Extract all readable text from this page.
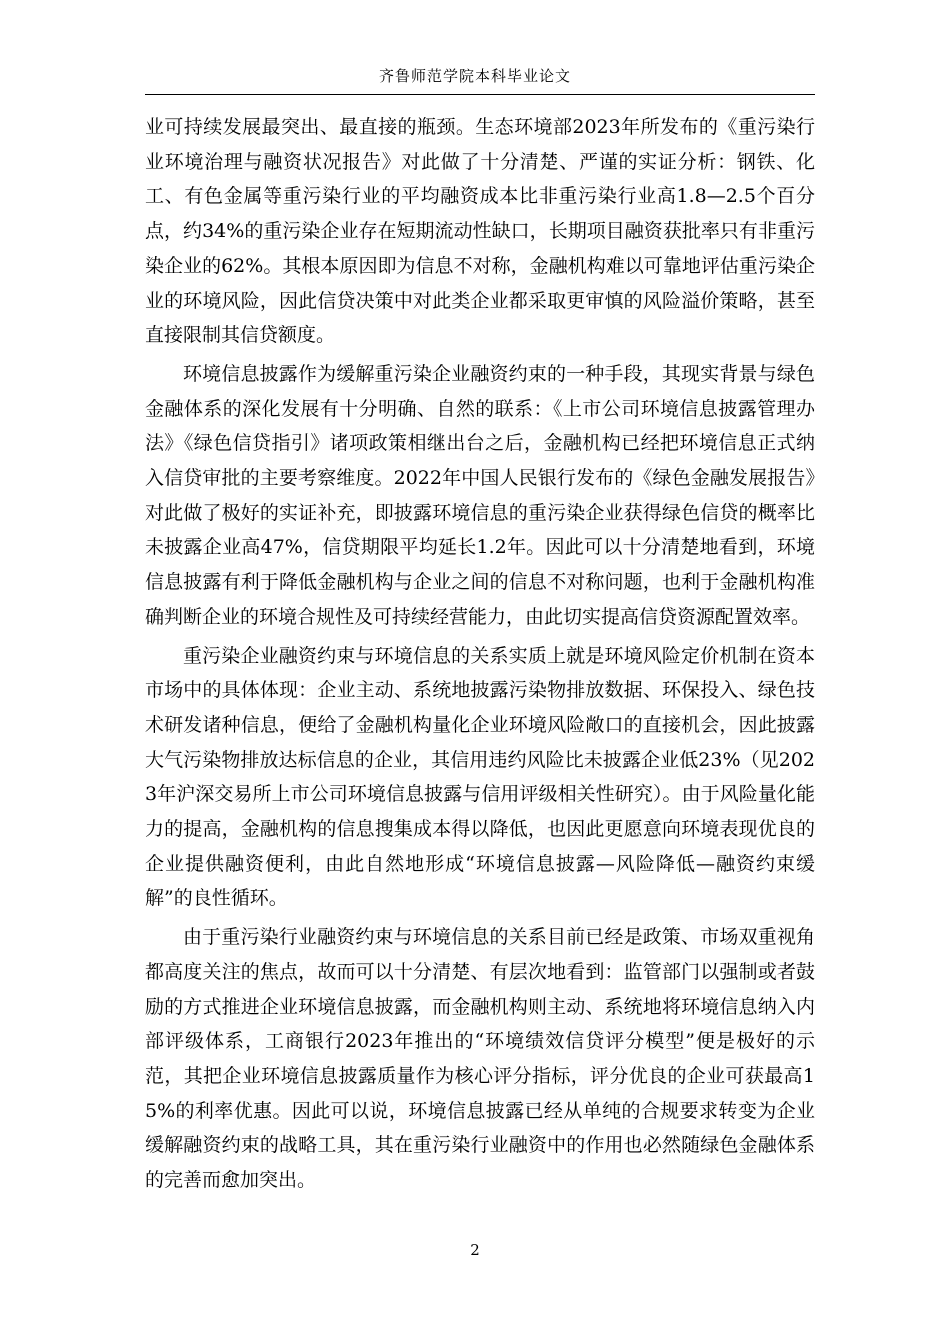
齐鲁师范学院本科毕业论文

业可持续发展最突出、最直接的瓶颈。生态环境部2023年所发布的《重污染行业环境治理与融资状况报告》对此做了十分清楚、严谨的实证分析：钢铁、化工、有色金属等重污染行业的平均融资成本比非重污染行业高1.8—2.5个百分点，约34%的重污染企业存在短期流动性缺口，长期项目融资获批率只有非重污染企业的62%。其根本原因即为信息不对称，金融机构难以可靠地评估重污染企业的环境风险，因此信贷决策中对此类企业都采取更审慎的风险溢价策略，甚至直接限制其信贷额度。

环境信息披露作为缓解重污染企业融资约束的一种手段，其现实背景与绿色金融体系的深化发展有十分明确、自然的联系：《上市公司环境信息披露管理办法》《绿色信贷指引》诸项政策相继出台之后，金融机构已经把环境信息正式纳入信贷审批的主要考察维度。2022年中国人民银行发布的《绿色金融发展报告》对此做了极好的实证补充，即披露环境信息的重污染企业获得绿色信贷的概率比未披露企业高47%，信贷期限平均延长1.2年。因此可以十分清楚地看到，环境信息披露有利于降低金融机构与企业之间的信息不对称问题，也利于金融机构准确判断企业的环境合规性及可持续经营能力，由此切实提高信贷资源配置效率。

重污染企业融资约束与环境信息的关系实质上就是环境风险定价机制在资本市场中的具体体现：企业主动、系统地披露污染物排放数据、环保投入、绿色技术研发诸种信息，便给了金融机构量化企业环境风险敞口的直接机会，因此披露大气污染物排放达标信息的企业，其信用违约风险比未披露企业低23%（见2023年沪深交易所上市公司环境信息披露与信用评级相关性研究）。由于风险量化能力的提高，金融机构的信息搜集成本得以降低，也因此更愿意向环境表现优良的企业提供融资便利，由此自然地形成“环境信息披露—风险降低—融资约束缓解”的良性循环。

由于重污染行业融资约束与环境信息的关系目前已经是政策、市场双重视角都高度关注的焦点，故而可以十分清楚、有层次地看到：监管部门以强制或者鼓励的方式推进企业环境信息披露，而金融机构则主动、系统地将环境信息纳入内部评级体系，工商银行2023年推出的“环境绩效信贷评分模型”便是极好的示范，其把企业环境信息披露质量作为核心评分指标，评分优良的企业可获最高15%的利率优惠。因此可以说，环境信息披露已经从单纯的合规要求转变为企业缓解融资约束的战略工具，其在重污染行业融资中的作用也必然随绿色金融体系的完善而愈加突出。

2
